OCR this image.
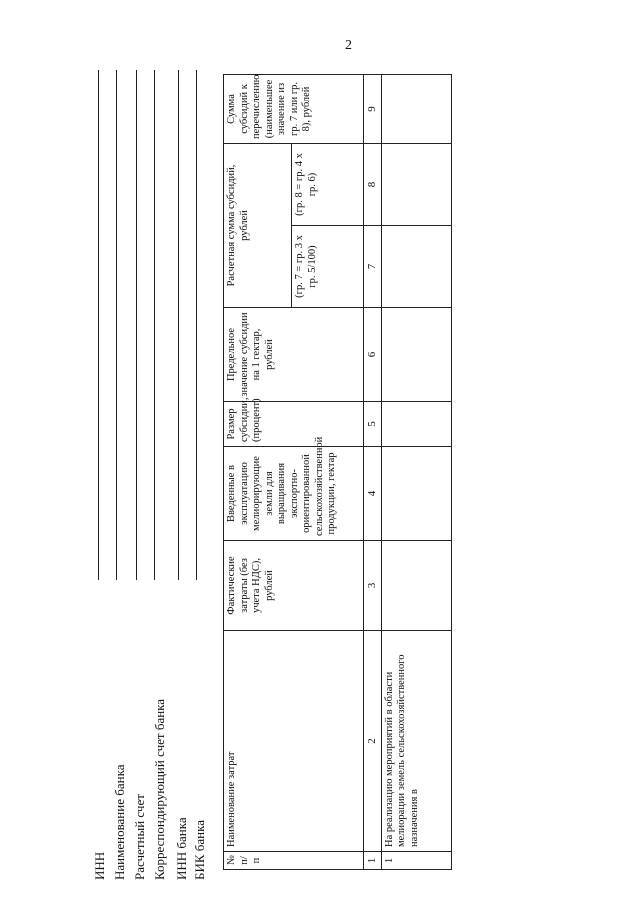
2
ИНН Наименование банка Расчетный счет Корреспондирующий счет банка ИНН банка БИК банка № п/п	Наименование затрат	Фактические затраты (без учета НДС), рублей	Введенные в эксплуатацию мелиорирующие земли для выращивания экспортно-ориентированной сельскохозяйственной продукции, гектар	Размер субсидии, (процент)	Предельное значение субсидии на 1 гектар, рублей	Расчетная сумма субсидий, рублей		Сумма субсидий к перечислению (наименьшее значение из гр. 7 или гр. 8), рублей
						(гр. 7 = гр. 3 х гр. 5/100)	(гр. 8 = гр. 4 х гр. 6)	
1	2	3	4	5	6	7	8	9
1	На реализацию мероприятий в области мелиорации земель сельскохозяйственного назначения в							
